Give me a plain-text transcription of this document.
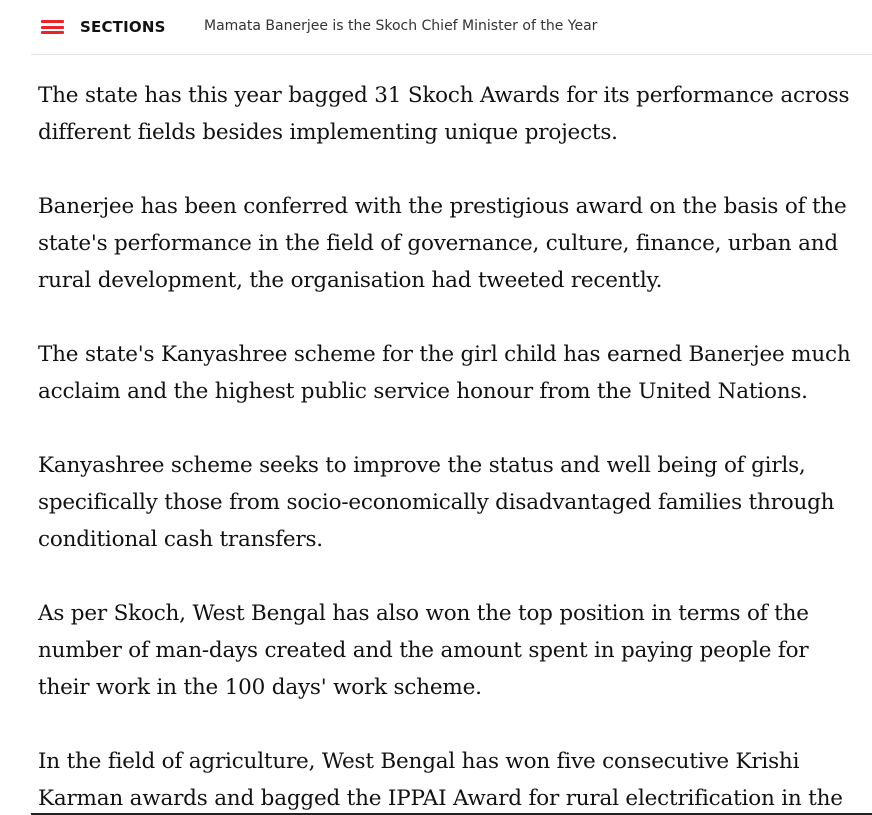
SECTIONS	Mamata Banerjee is the Skoch Chief Minister of the Year

The state has this year bagged 31 Skoch Awards for its performance across different fields besides implementing unique projects.

Banerjee has been conferred with the prestigious award on the basis of the state's performance in the field of governance, culture, finance, urban and rural development, the organisation had tweeted recently.

The state's Kanyashree scheme for the girl child has earned Banerjee much acclaim and the highest public service honour from the United Nations.

Kanyashree scheme seeks to improve the status and well being of girls, specifically those from socio-economically disadvantaged families through conditional cash transfers.

As per Skoch, West Bengal has also won the top position in terms of the number of man-days created and the amount spent in paying people for their work in the 100 days' work scheme.

In the field of agriculture, West Bengal has won five consecutive Krishi Karman awards and bagged the IPPAI Award for rural electrification in the
